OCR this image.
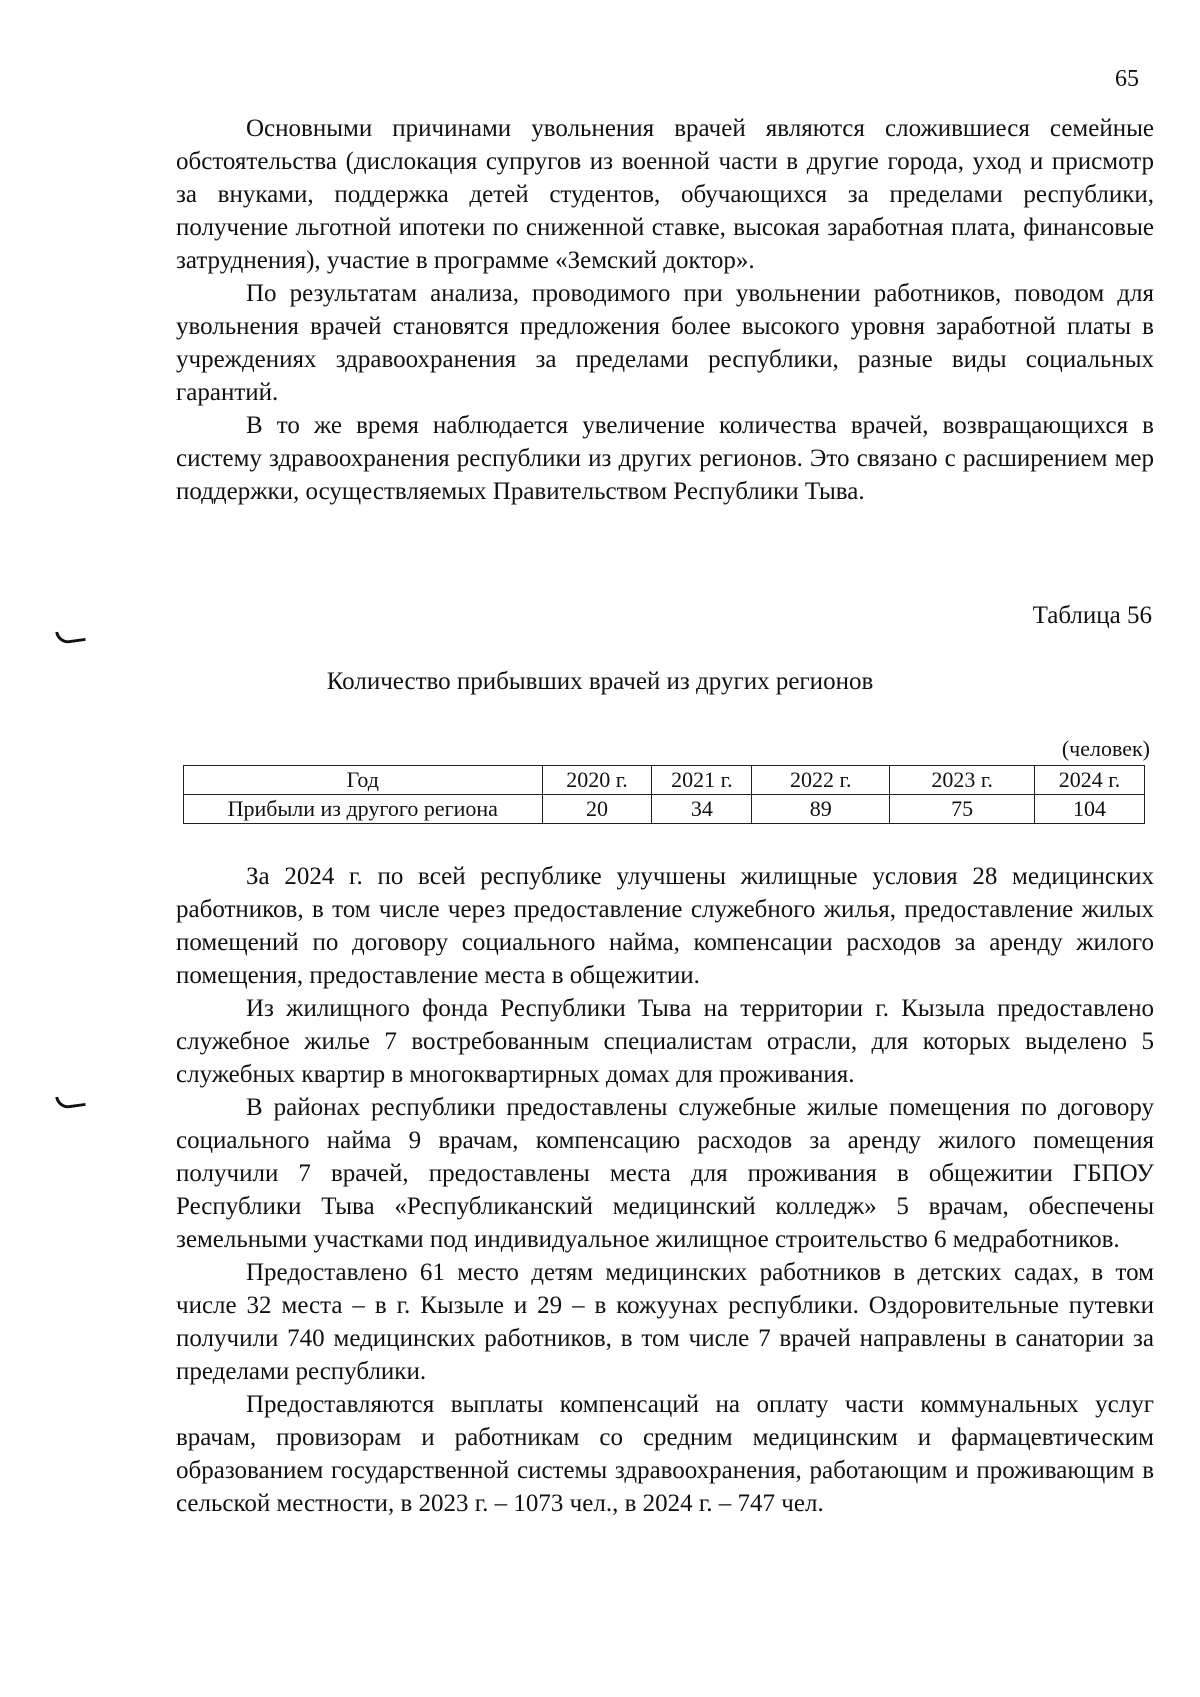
65

Основными причинами увольнения врачей являются сложившиеся семейные обстоятельства (дислокация супругов из военной части в другие города, уход и присмотр за внуками, поддержка детей студентов, обучающихся за пределами республики, получение льготной ипотеки по сниженной ставке, высокая заработная плата, финансовые затруднения), участие в программе «Земский доктор».

По результатам анализа, проводимого при увольнении работников, поводом для увольнения врачей становятся предложения более высокого уровня заработной платы в учреждениях здравоохранения за пределами республики, разные виды социальных гарантий.

В то же время наблюдается увеличение количества врачей, возвращающихся в систему здравоохранения республики из других регионов. Это связано с расширением мер поддержки, осуществляемых Правительством Республики Тыва.

Таблица 56
Количество прибывших врачей из других регионов
(человек)
Год	2020 г.	2021 г.	2022 г.	2023 г.	2024 г.
Прибыли из другого региона	20	34	89	75	104

За 2024 г. по всей республике улучшены жилищные условия 28 медицинских работников, в том числе через предоставление служебного жилья, предоставление жилых помещений по договору социального найма, компенсации расходов за аренду жилого помещения, предоставление места в общежитии.

Из жилищного фонда Республики Тыва на территории г. Кызыла предоставлено служебное жилье 7 востребованным специалистам отрасли, для которых выделено 5 служебных квартир в многоквартирных домах для проживания.

В районах республики предоставлены служебные жилые помещения по договору социального найма 9 врачам, компенсацию расходов за аренду жилого помещения получили 7 врачей, предоставлены места для проживания в общежитии ГБПОУ Республики Тыва «Республиканский медицинский колледж» 5 врачам, обеспечены земельными участками под индивидуальное жилищное строительство 6 медработников.

Предоставлено 61 место детям медицинских работников в детских садах, в том числе 32 места – в г. Кызыле и 29 – в кожуунах республики. Оздоровительные путевки получили 740 медицинских работников, в том числе 7 врачей направлены в санатории за пределами республики.

Предоставляются выплаты компенсаций на оплату части коммунальных услуг врачам, провизорам и работникам со средним медицинским и фармацевтическим образованием государственной системы здравоохранения, работающим и проживающим в сельской местности, в 2023 г. – 1073 чел., в 2024 г. – 747 чел.
